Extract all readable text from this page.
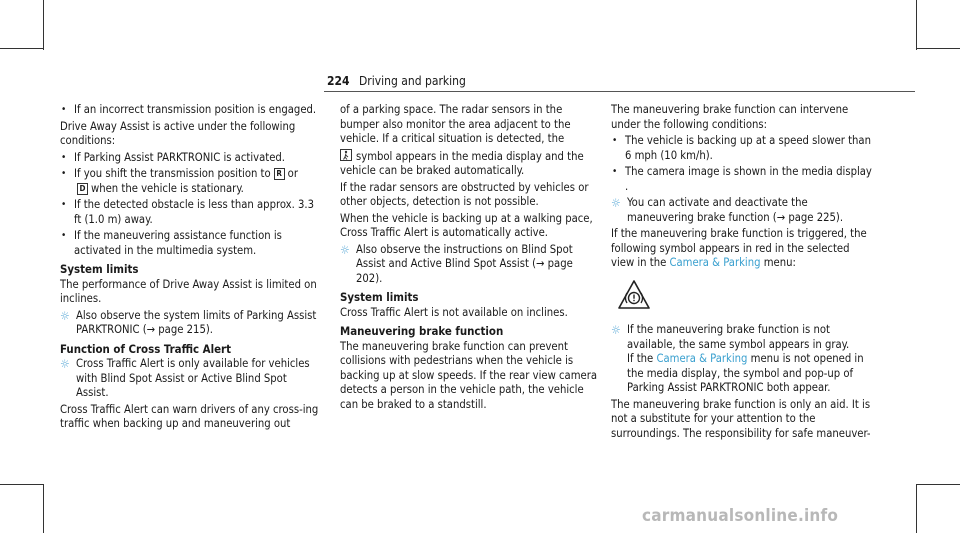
224 Driving and parking
• If an incorrect transmission position is engaged.

Drive Away Assist is active under the following conditions:

• If Parking Assist PARKTRONIC is activated.
• If you shift the transmission position to R or
D when the vehicle is stationary.
• If the detected obstacle is less than approx. 3.3 ft (1.0 m) away.
• If the maneuvering assistance function is activated in the multimedia system.
System limits

The performance of Drive Away Assist is limited on inclines.

☼ Also observe the system limits of Parking Assist PARKTRONIC (→ page 215).
Function of Cross Traffic Alert
☼ Cross Traffic Alert is only available for vehicles with Blind Spot Assist or Active Blind Spot Assist.

Cross Traffic Alert can warn drivers of any cross-ing traffic when backing up and maneuvering out

of a parking space. The radar sensors in the bumper also monitor the area adjacent to the vehicle. If a critical situation is detected, the

symbol appears in the media display and the vehicle can be braked automatically.

If the radar sensors are obstructed by vehicles or other objects, detection is not possible.

When the vehicle is backing up at a walking pace, Cross Traffic Alert is automatically active.

☼ Also observe the instructions on Blind Spot Assist and Active Blind Spot Assist (→ page 202).
System limits

Cross Traffic Alert is not available on inclines.

Maneuvering brake function

The maneuvering brake function can prevent collisions with pedestrians when the vehicle is backing up at slow speeds. If the rear view camera detects a person in the vehicle path, the vehicle can be braked to a standstill.

The maneuvering brake function can intervene under the following conditions:

• The vehicle is backing up at a speed slower than 6 mph (10 km/h).
• The camera image is shown in the media display .
☼ You can activate and deactivate the maneuvering brake function (→ page 225).

If the maneuvering brake function is triggered, the following symbol appears in red in the selected view in the Camera & Parking menu:

☼ If the maneuvering brake function is not available, the same symbol appears in gray.
If the Camera & Parking menu is not opened in the media display, the symbol and pop-up of Parking Assist PARKTRONIC both appear.

The maneuvering brake function is only an aid. It is not a substitute for your attention to the surroundings. The responsibility for safe maneuver-

carmanualsonline.info
